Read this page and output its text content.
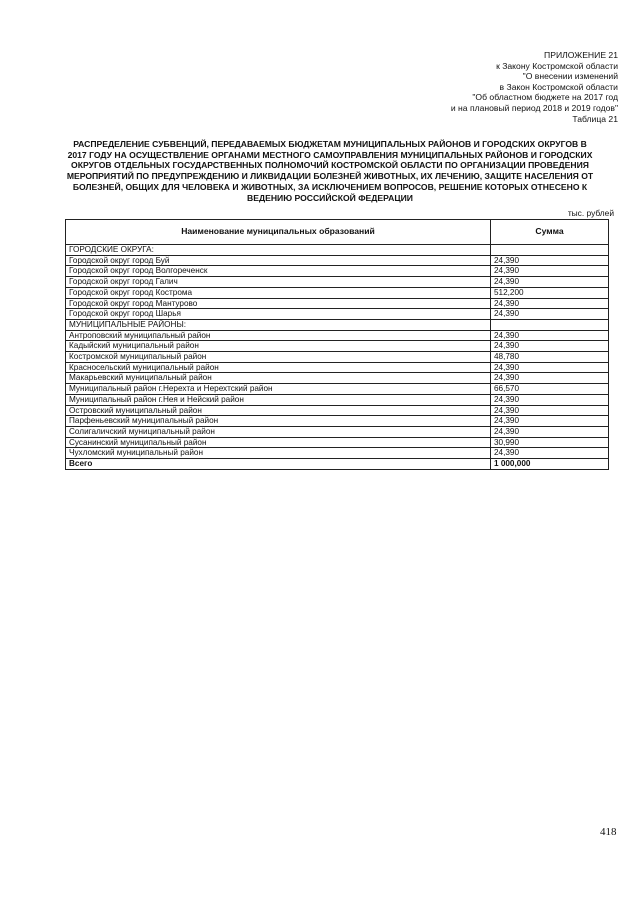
ПРИЛОЖЕНИЕ 21
к Закону Костромской области
"О внесении изменений
в Закон Костромской области
"Об областном бюджете на 2017 год
и на плановый период 2018 и 2019 годов"
Таблица 21
РАСПРЕДЕЛЕНИЕ СУБВЕНЦИЙ, ПЕРЕДАВАЕМЫХ БЮДЖЕТАМ МУНИЦИПАЛЬНЫХ РАЙОНОВ И ГОРОДСКИХ ОКРУГОВ В 2017 ГОДУ НА ОСУЩЕСТВЛЕНИЕ ОРГАНАМИ МЕСТНОГО САМОУПРАВЛЕНИЯ МУНИЦИПАЛЬНЫХ РАЙОНОВ И ГОРОДСКИХ ОКРУГОВ ОТДЕЛЬНЫХ ГОСУДАРСТВЕННЫХ ПОЛНОМОЧИЙ КОСТРОМСКОЙ ОБЛАСТИ ПО ОРГАНИЗАЦИИ ПРОВЕДЕНИЯ МЕРОПРИЯТИЙ ПО ПРЕДУПРЕЖДЕНИЮ И ЛИКВИДАЦИИ БОЛЕЗНЕЙ ЖИВОТНЫХ, ИХ ЛЕЧЕНИЮ, ЗАЩИТЕ НАСЕЛЕНИЯ ОТ БОЛЕЗНЕЙ, ОБЩИХ ДЛЯ ЧЕЛОВЕКА И ЖИВОТНЫХ, ЗА ИСКЛЮЧЕНИЕМ ВОПРОСОВ, РЕШЕНИЕ КОТОРЫХ ОТНЕСЕНО К ВЕДЕНИЮ РОССИЙСКОЙ ФЕДЕРАЦИИ
тыс. рублей
Наименование муниципальных образований	Сумма
ГОРОДСКИЕ ОКРУГА:	
Городской округ город Буй	24,390
Городской округ город Волгореченск	24,390
Городской округ город Галич	24,390
Городской округ город Кострома	512,200
Городской округ город Мантурово	24,390
Городской округ город Шарья	24,390
МУНИЦИПАЛЬНЫЕ РАЙОНЫ:	
Антроповский муниципальный район	24,390
Кадыйский муниципальный район	24,390
Костромской муниципальный район	48,780
Красносельский муниципальный район	24,390
Макарьевский муниципальный район	24,390
Муниципальный район г.Нерехта и Нерехтский район	66,570
Муниципальный район г.Нея и Нейский район	24,390
Островский муниципальный район	24,390
Парфеньевский муниципальный район	24,390
Солигаличский муниципальный район	24,390
Сусанинский муниципальный район	30,990
Чухломский муниципальный район	24,390
Всего	1 000,000
418
